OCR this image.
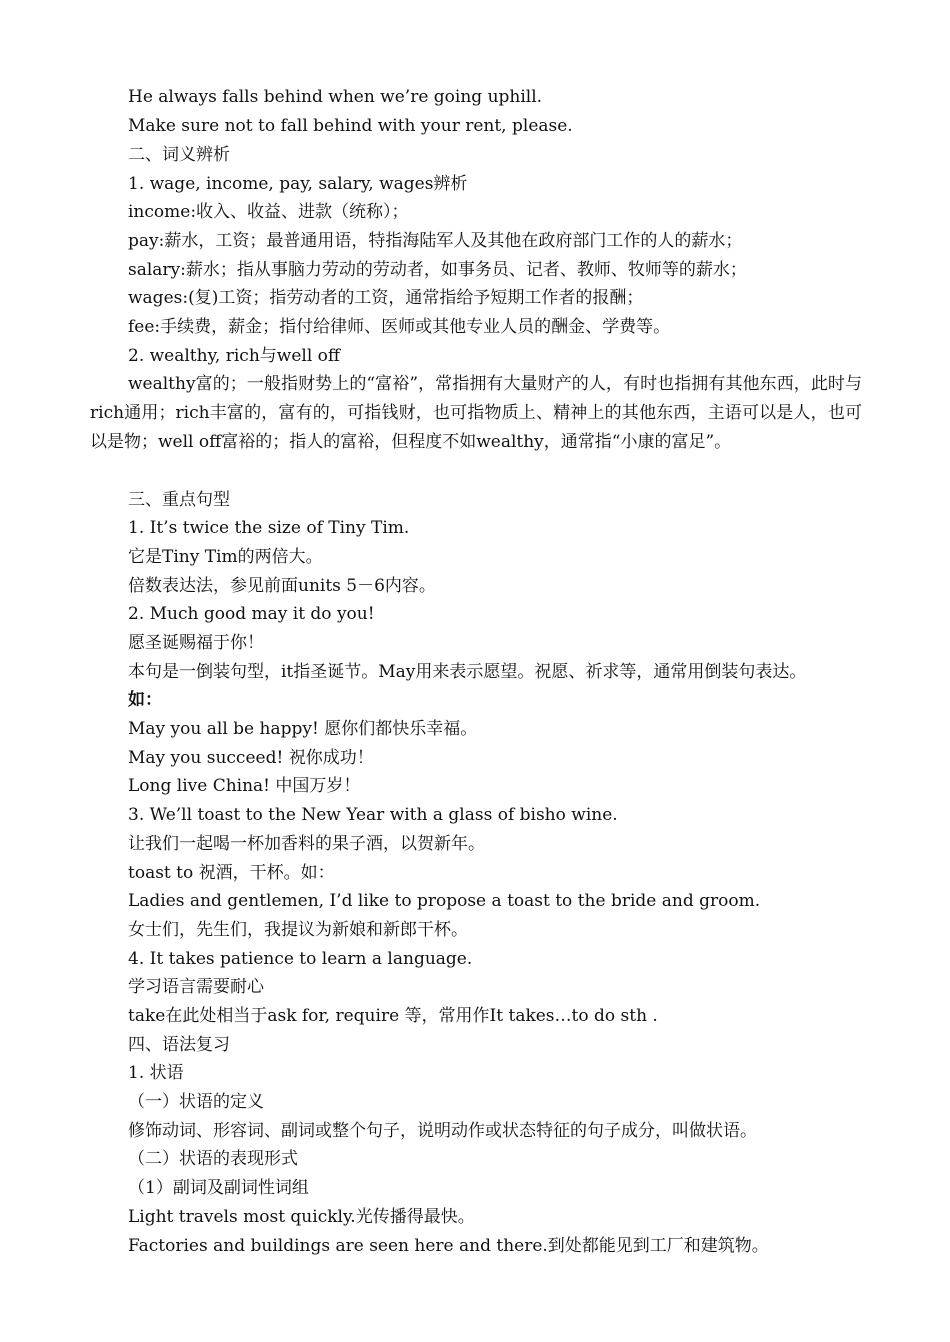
He always falls behind when we’re going uphill.
Make sure not to fall behind with your rent, please.
二、词义辨析
1. wage, income, pay, salary, wages辨析
income:收入、收益、进款（统称）；
pay:薪水，工资；最普通用语，特指海陆军人及其他在政府部门工作的人的薪水；
salary:薪水；指从事脑力劳动的劳动者，如事务员、记者、教师、牧师等的薪水；
wages:(复)工资；指劳动者的工资，通常指给予短期工作者的报酬；
fee:手续费，薪金；指付给律师、医师或其他专业人员的酬金、学费等。
2. wealthy, rich与well off
wealthy富的；一般指财势上的“富裕”，常指拥有大量财产的人，有时也指拥有其他东西，此时与rich通用；rich丰富的，富有的，可指钱财，也可指物质上、精神上的其他东西，主语可以是人，也可以是物；well off富裕的；指人的富裕，但程度不如wealthy，通常指“小康的富足”。
三、重点句型
1. It’s twice the size of Tiny Tim.
它是Tiny Tim的两倍大。
倍数表达法，参见前面units 5－6内容。
2. Much good may it do you!
愿圣诞赐福于你！
本句是一倒装句型，it指圣诞节。May用来表示愿望。祝愿、祈求等，通常用倒装句表达。
如：
May you all be happy! 愿你们都快乐幸福。
May you succeed! 祝你成功！
Long live China! 中国万岁！
3. We’ll toast to the New Year with a glass of bisho wine.
让我们一起喝一杯加香料的果子酒，以贺新年。
toast to 祝酒，干杯。如：
Ladies and gentlemen, I’d like to propose a toast to the bride and groom.
女士们，先生们，我提议为新娘和新郎干杯。
4. It takes patience to learn a language.
学习语言需要耐心
take在此处相当于ask for, require 等，常用作It takes…to do sth .
四、语法复习
1. 状语
（一）状语的定义
修饰动词、形容词、副词或整个句子，说明动作或状态特征的句子成分，叫做状语。
（二）状语的表现形式
（1）副词及副词性词组
Light travels most quickly.光传播得最快。
Factories and buildings are seen here and there.到处都能见到工厂和建筑物。
